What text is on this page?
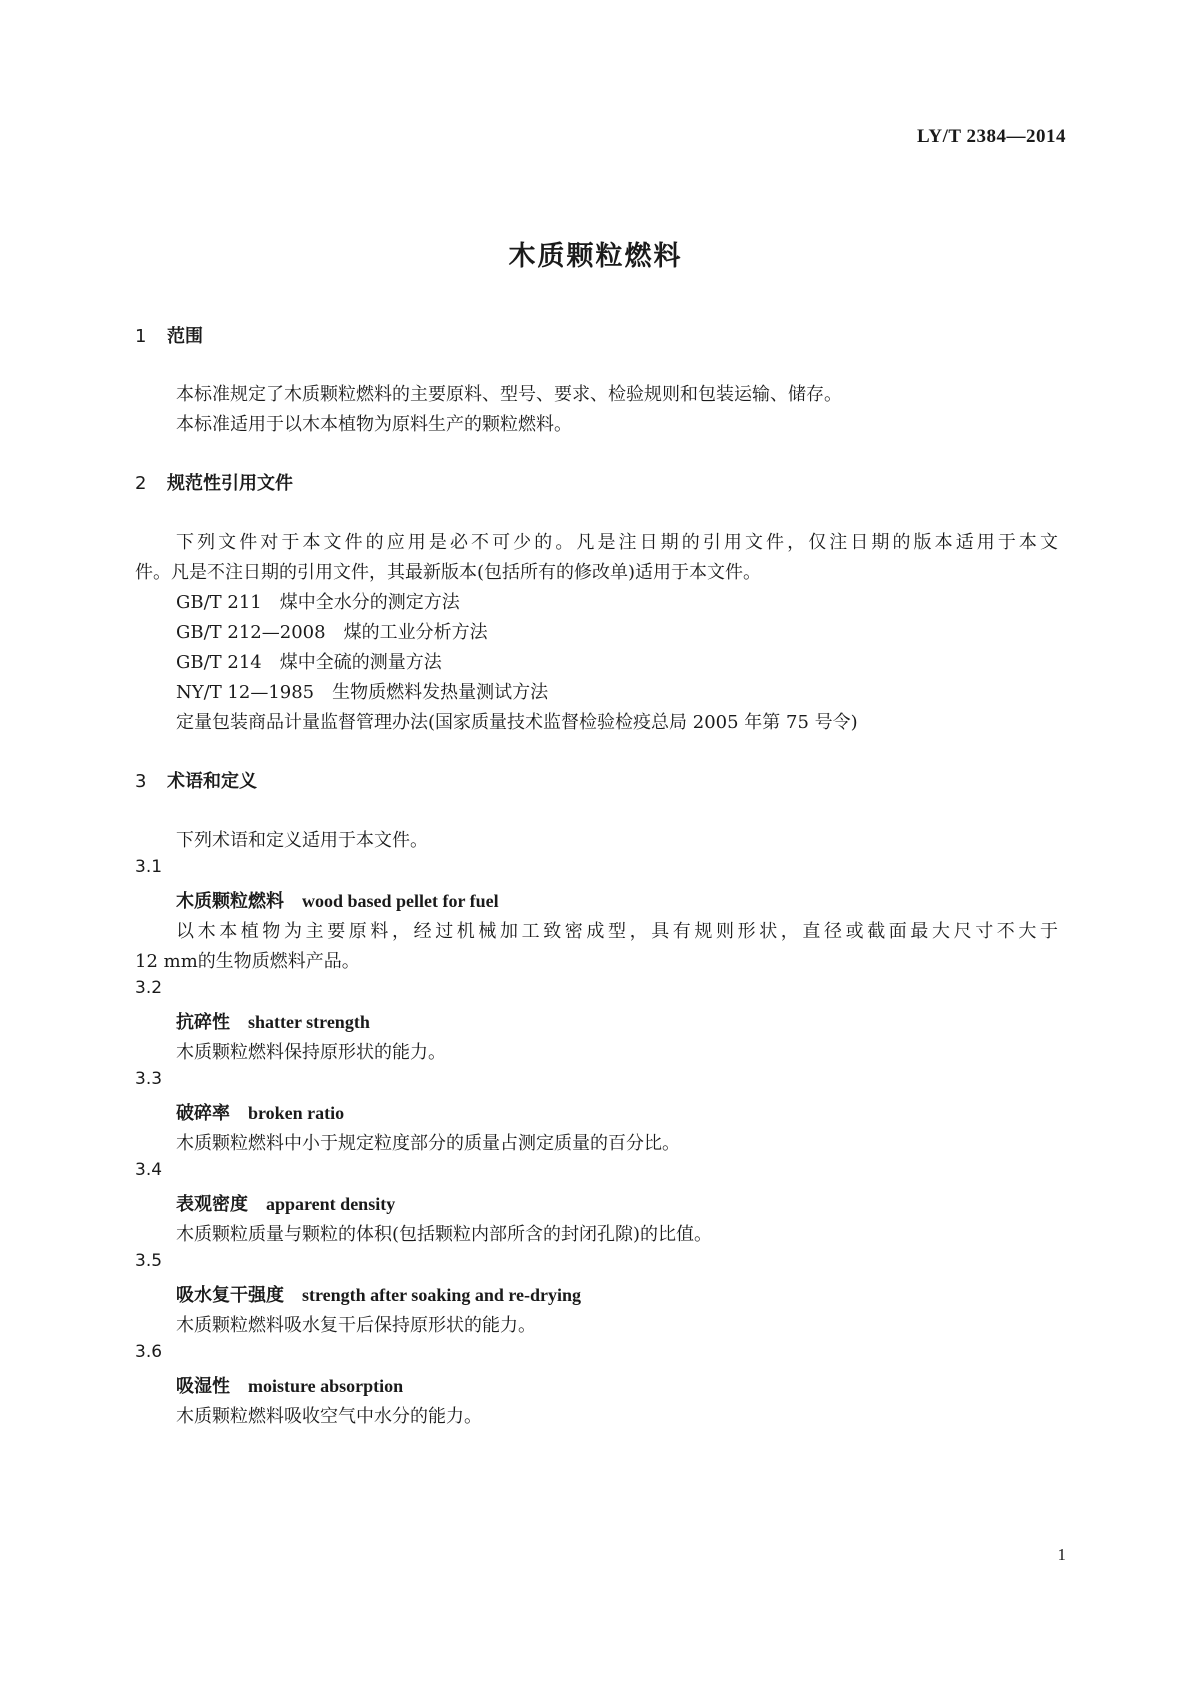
LY/T 2384—2014
木质颗粒燃料
1 范围
本标准规定了木质颗粒燃料的主要原料、型号、要求、检验规则和包装运输、储存。
本标准适用于以木本植物为原料生产的颗粒燃料。
2 规范性引用文件
下列文件对于本文件的应用是必不可少的。凡是注日期的引用文件，仅注日期的版本适用于本文
件。凡是不注日期的引用文件，其最新版本(包括所有的修改单)适用于本文件。
GB/T 211 煤中全水分的测定方法
GB/T 212—2008 煤的工业分析方法
GB/T 214 煤中全硫的测量方法
NY/T 12—1985 生物质燃料发热量测试方法
定量包装商品计量监督管理办法(国家质量技术监督检验检疫总局 2005 年第 75 号令)
3 术语和定义
下列术语和定义适用于本文件。
3.1
木质颗粒燃料 wood based pellet for fuel
以木本植物为主要原料，经过机械加工致密成型，具有规则形状，直径或截面最大尺寸不大于
12 mm的生物质燃料产品。
3.2
抗碎性 shatter strength
木质颗粒燃料保持原形状的能力。
3.3
破碎率 broken ratio
木质颗粒燃料中小于规定粒度部分的质量占测定质量的百分比。
3.4
表观密度 apparent density
木质颗粒质量与颗粒的体积(包括颗粒内部所含的封闭孔隙)的比值。
3.5
吸水复干强度 strength after soaking and re-drying
木质颗粒燃料吸水复干后保持原形状的能力。
3.6
吸湿性 moisture absorption
木质颗粒燃料吸收空气中水分的能力。
1
